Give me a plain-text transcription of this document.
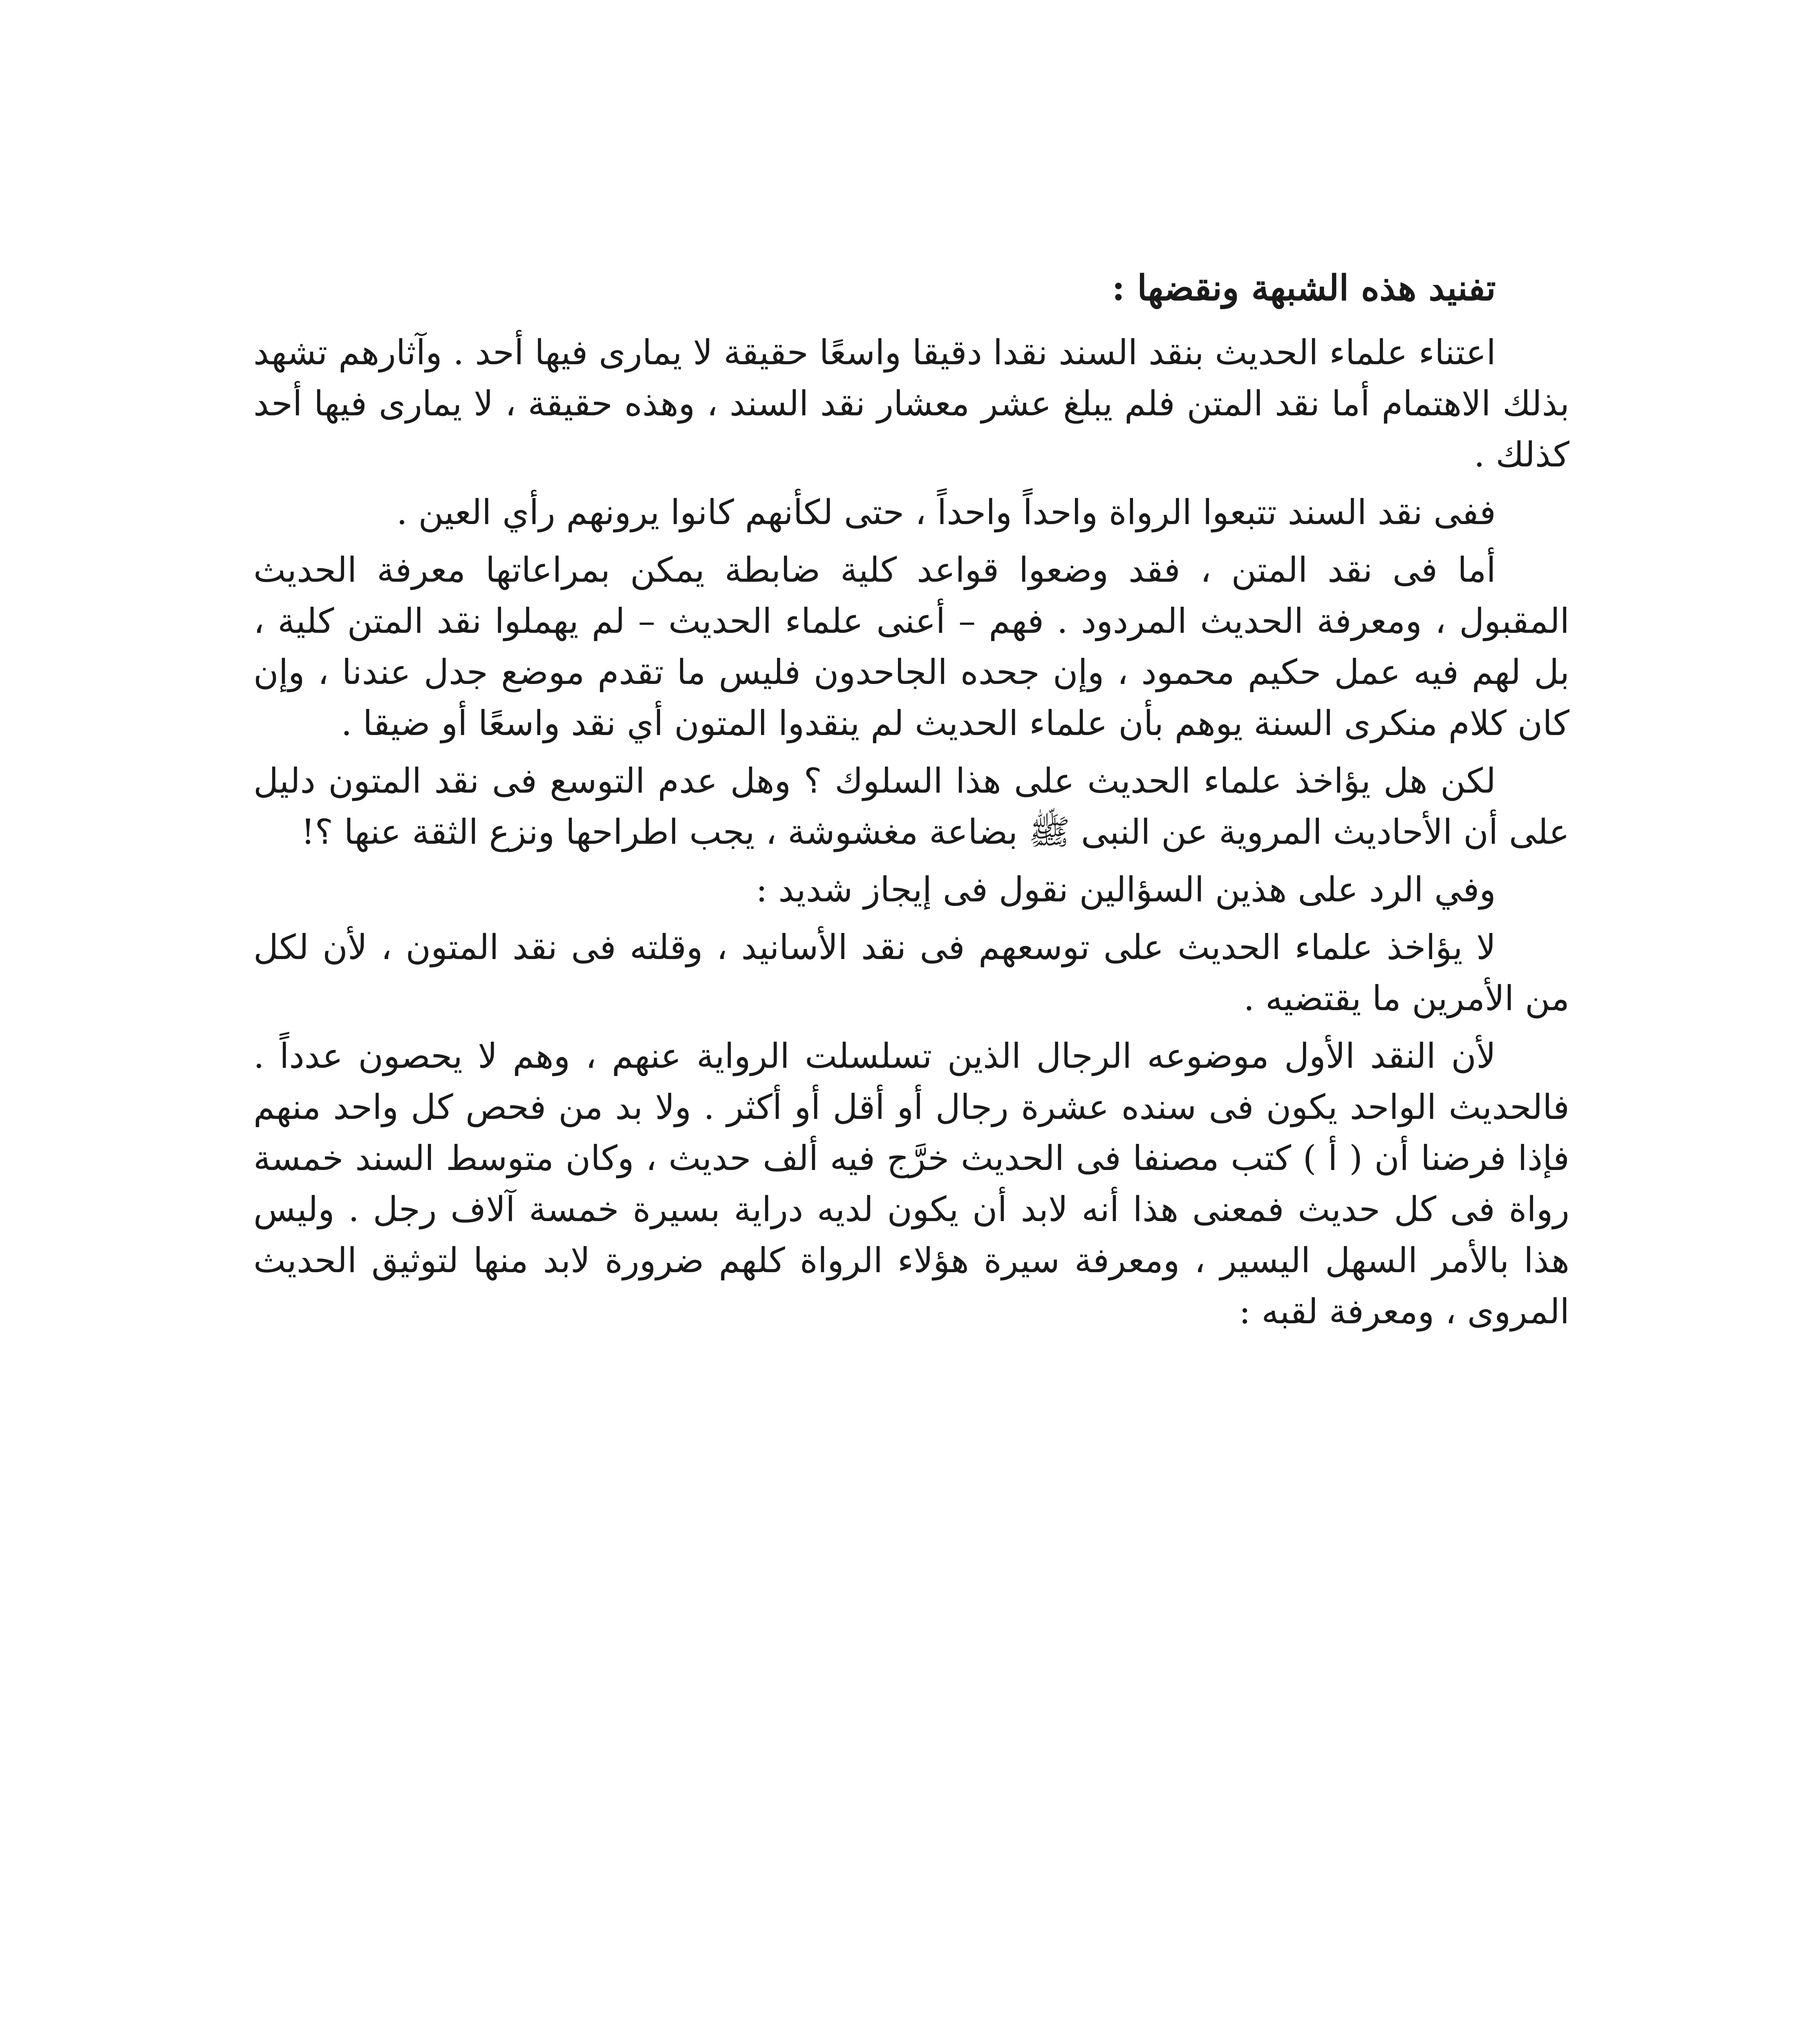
تفنيد هذه الشبهة ونقضها :

اعتناء علماء الحديث بنقد السند نقدا دقيقا واسعًا حقيقة لا يمارى فيها أحد . وآثارهم تشهد بذلك الاهتمام أما نقد المتن فلم يبلغ عشر معشار نقد السند ، وهذه حقيقة ، لا يمارى فيها أحد كذلك .

ففى نقد السند تتبعوا الرواة واحداً واحداً ، حتى لكأنهم كانوا يرونهم رأي العين .

أما فى نقد المتن ، فقد وضعوا قواعد كلية ضابطة يمكن بمراعاتها معرفة الحديث المقبول ، ومعرفة الحديث المردود . فهم – أعنى علماء الحديث – لم يهملوا نقد المتن كلية ، بل لهم فيه عمل حكيم محمود ، وإن جحده الجاحدون فليس ما تقدم موضع جدل عندنا ، وإن كان كلام منكرى السنة يوهم بأن علماء الحديث لم ينقدوا المتون أي نقد واسعًا أو ضيقا .

لكن هل يؤاخذ علماء الحديث على هذا السلوك ؟ وهل عدم التوسع فى نقد المتون دليل على أن الأحاديث المروية عن النبى ﷺ بضاعة مغشوشة ، يجب اطراحها ونزع الثقة عنها ؟!

وفي الرد على هذين السؤالين نقول فى إيجاز شديد :

لا يؤاخذ علماء الحديث على توسعهم فى نقد الأسانيد ، وقلته فى نقد المتون ، لأن لكل من الأمرين ما يقتضيه .

لأن النقد الأول موضوعه الرجال الذين تسلسلت الرواية عنهم ، وهم لا يحصون عدداً . فالحديث الواحد يكون فى سنده عشرة رجال أو أقل أو أكثر . ولا بد من فحص كل واحد منهم فإذا فرضنا أن ( أ ) كتب مصنفا فى الحديث خرَّج فيه ألف حديث ، وكان متوسط السند خمسة رواة فى كل حديث فمعنى هذا أنه لابد أن يكون لديه دراية بسيرة خمسة آلاف رجل . وليس هذا بالأمر السهل اليسير ، ومعرفة سيرة هؤلاء الرواة كلهم ضرورة لابد منها لتوثيق الحديث المروى ، ومعرفة لقبه :
